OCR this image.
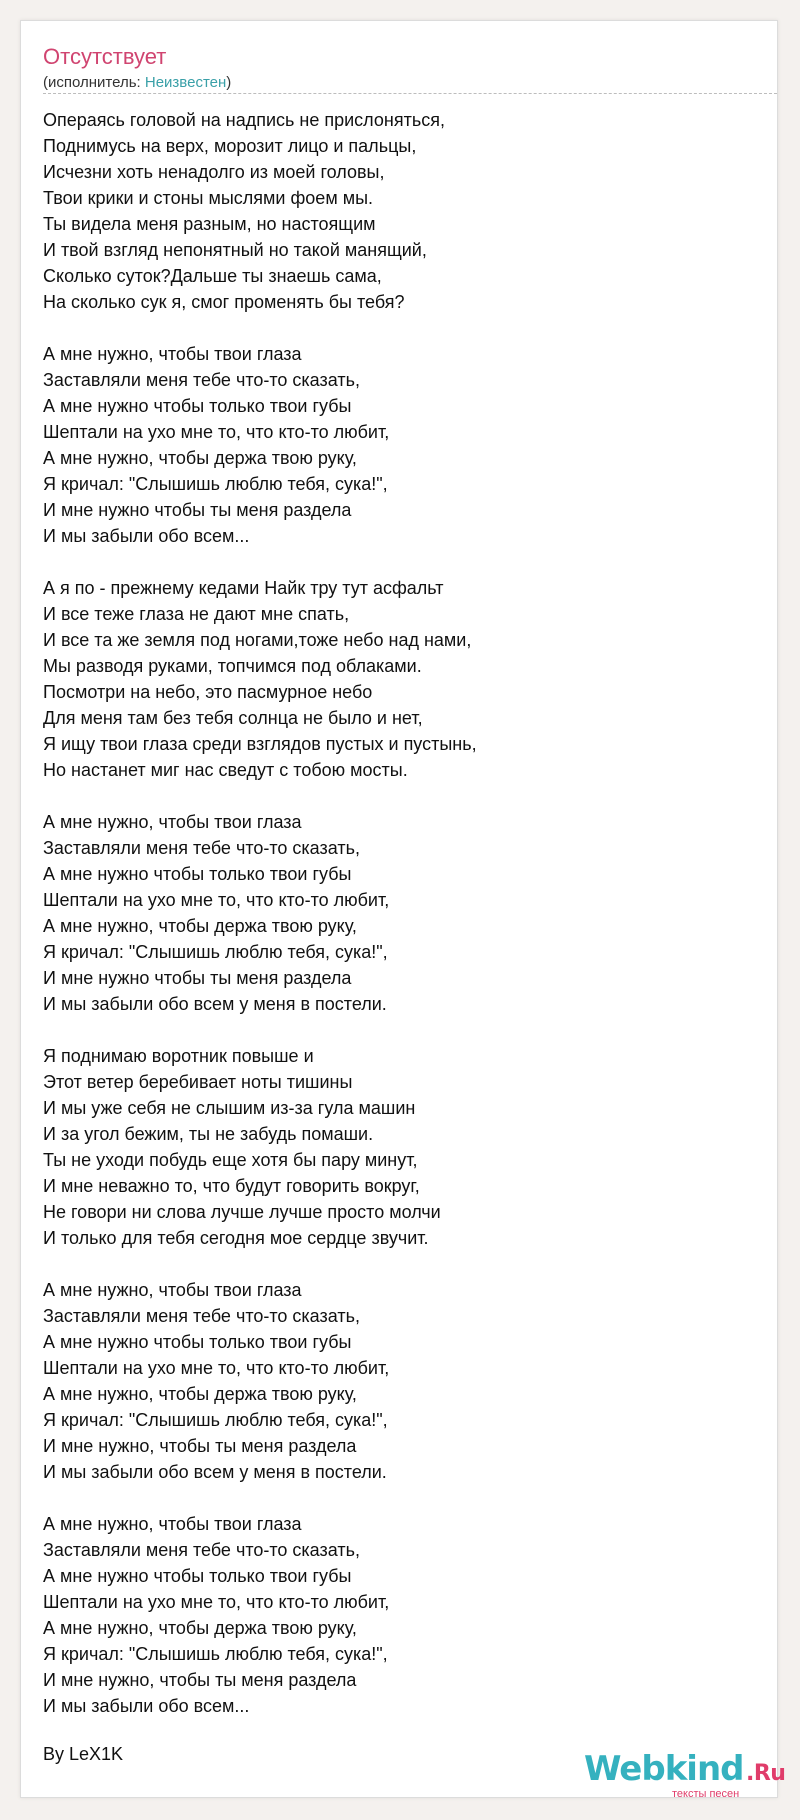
Отсутствует
(исполнитель: Неизвестен)
Операясь головой на надпись не прислоняться,
Поднимусь на верх, морозит лицо и пальцы,
Исчезни хоть ненадолго из моей головы,
Твои крики и стоны мыслями фоем мы.
Ты видела меня разным, но настоящим
И твой взгляд непонятный но такой манящий,
Сколько суток?Дальше ты знаешь сама,
На сколько сук я, смог променять бы тебя?
А мне нужно, чтобы твои глаза
Заставляли меня тебе что-то сказать,
А мне нужно чтобы только твои губы
Шептали на ухо мне то, что кто-то любит,
А мне нужно, чтобы держа твою руку,
Я кричал: "Слышишь люблю тебя, сука!",
И мне нужно чтобы ты меня раздела
И мы забыли обо всем...
А я по - прежнему кедами Найк тру тут асфальт
И все теже глаза не дают мне спать,
И все та же земля под ногами,тоже небо над нами,
Мы разводя руками, топчимся под облаками.
Посмотри на небо, это пасмурное небо
Для меня там без тебя солнца не было и нет,
Я ищу твои глаза среди взглядов пустых и пустынь,
Но настанет миг нас сведут с тобою мосты.
А мне нужно, чтобы твои глаза
Заставляли меня тебе что-то сказать,
А мне нужно чтобы только твои губы
Шептали на ухо мне то, что кто-то любит,
А мне нужно, чтобы держа твою руку,
Я кричал: "Слышишь люблю тебя, сука!",
И мне нужно чтобы ты меня раздела
И мы забыли обо всем у меня в постели.
Я поднимаю воротник повыше и
Этот ветер беребивает ноты тишины
И мы уже себя не слышим из-за гула машин
И за угол бежим, ты не забудь помаши.
Ты не уходи побудь еще хотя бы пару минут,
И мне неважно то, что будут говорить вокруг,
Не говори ни слова лучше лучше просто молчи
И только для тебя сегодня мое сердце звучит.
А мне нужно, чтобы твои глаза
Заставляли меня тебе что-то сказать,
А мне нужно чтобы только твои губы
Шептали на ухо мне то, что кто-то любит,
А мне нужно, чтобы держа твою руку,
Я кричал: "Слышишь люблю тебя, сука!",
И мне нужно, чтобы ты меня раздела
И мы забыли обо всем у меня в постели.
А мне нужно, чтобы твои глаза
Заставляли меня тебе что-то сказать,
А мне нужно чтобы только твои губы
Шептали на ухо мне то, что кто-то любит,
А мне нужно, чтобы держа твою руку,
Я кричал: "Слышишь люблю тебя, сука!",
И мне нужно, чтобы ты меня раздела
И мы забыли обо всем...
By LeX1K	Webkind .Ru
тексты песен
